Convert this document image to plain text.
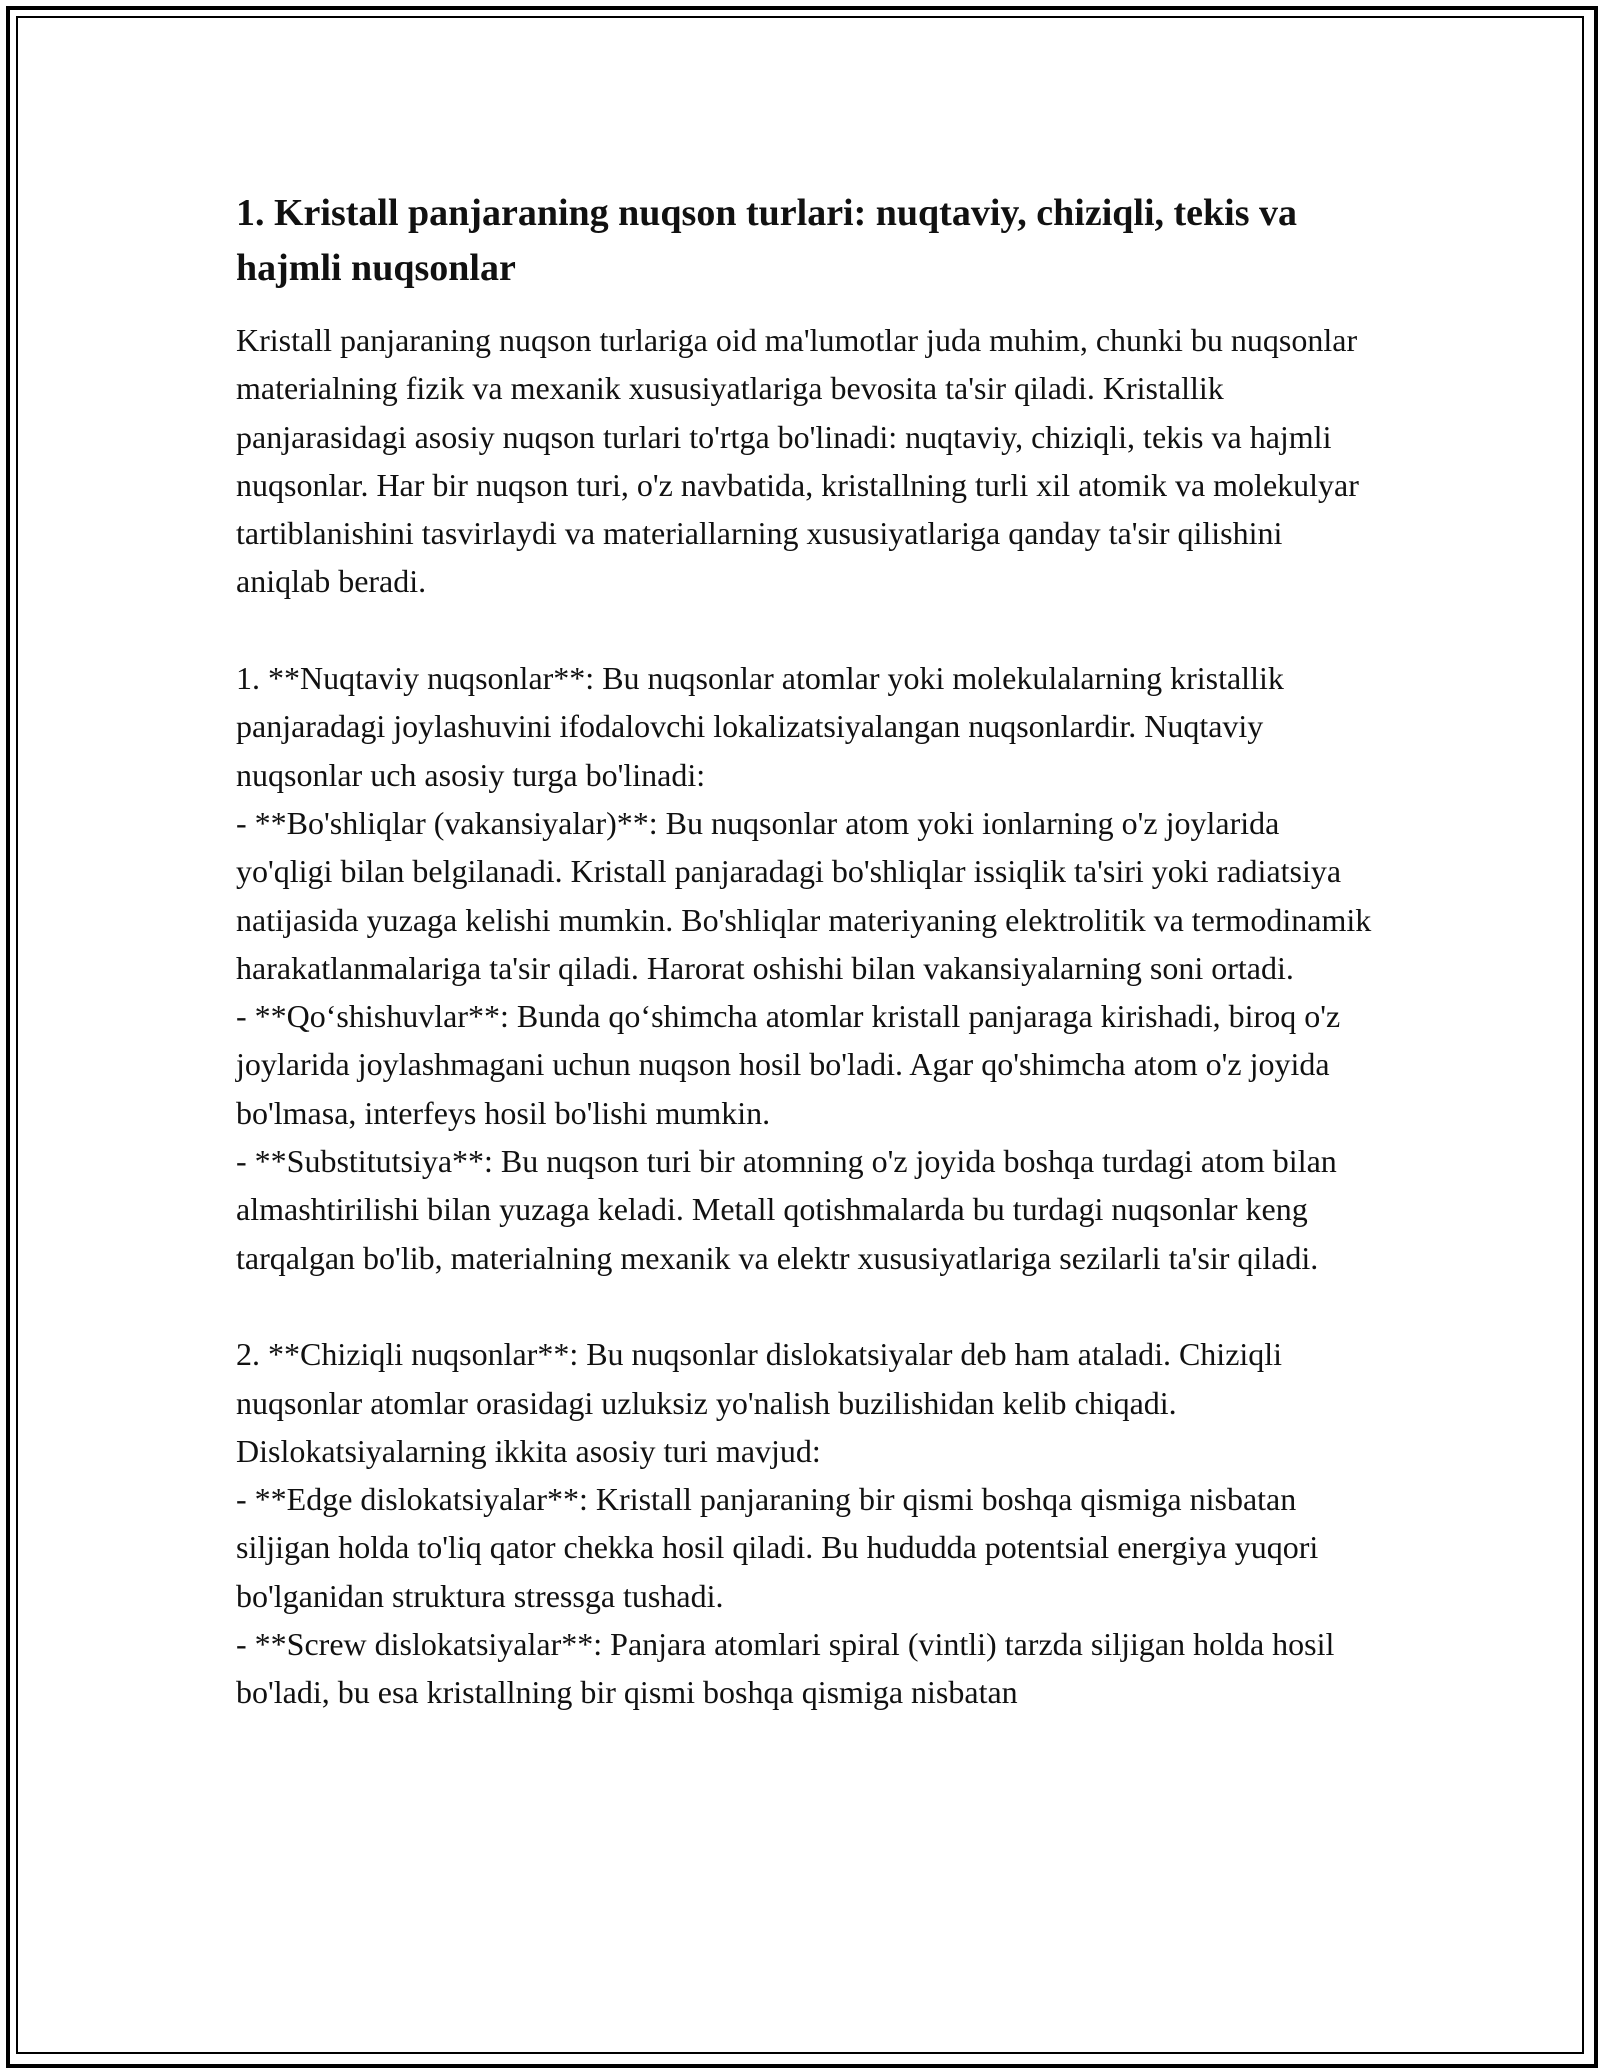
1. Kristall panjaraning nuqson turlari: nuqtaviy, chiziqli, tekis va hajmli nuqsonlar

Kristall panjaraning nuqson turlariga oid ma'lumotlar juda muhim, chunki bu nuqsonlar materialning fizik va mexanik xususiyatlariga bevosita ta'sir qiladi. Kristallik panjarasidagi asosiy nuqson turlari to'rtga bo'linadi: nuqtaviy, chiziqli, tekis va hajmli nuqsonlar. Har bir nuqson turi, o'z navbatida, kristallning turli xil atomik va molekulyar tartiblanishini tasvirlaydi va materiallarning xususiyatlariga qanday ta'sir qilishini aniqlab beradi.

1. **Nuqtaviy nuqsonlar**: Bu nuqsonlar atomlar yoki molekulalarning kristallik panjaradagi joylashuvini ifodalovchi lokalizatsiyalangan nuqsonlardir. Nuqtaviy nuqsonlar uch asosiy turga bo'linadi:
- **Bo'shliqlar (vakansiyalar)**: Bu nuqsonlar atom yoki ionlarning o'z joylarida yo'qligi bilan belgilanadi. Kristall panjaradagi bo'shliqlar issiqlik ta'siri yoki radiatsiya natijasida yuzaga kelishi mumkin. Bo'shliqlar materiyaning elektrolitik va termodinamik harakatlanmalariga ta'sir qiladi. Harorat oshishi bilan vakansiyalarning soni ortadi.
- **Qo‘shishuvlar**: Bunda qo‘shimcha atomlar kristall panjaraga kirishadi, biroq o'z joylarida joylashmagani uchun nuqson hosil bo'ladi. Agar qo'shimcha atom o'z joyida bo'lmasa, interfeys hosil bo'lishi mumkin.
- **Substitutsiya**: Bu nuqson turi bir atomning o'z joyida boshqa turdagi atom bilan almashtirilishi bilan yuzaga keladi. Metall qotishmalarda bu turdagi nuqsonlar keng tarqalgan bo'lib, materialning mexanik va elektr xususiyatlariga sezilarli ta'sir qiladi.

2. **Chiziqli nuqsonlar**: Bu nuqsonlar dislokatsiyalar deb ham ataladi. Chiziqli nuqsonlar atomlar orasidagi uzluksiz yo'nalish buzilishidan kelib chiqadi. Dislokatsiyalarning ikkita asosiy turi mavjud:
- **Edge dislokatsiyalar**: Kristall panjaraning bir qismi boshqa qismiga nisbatan siljigan holda to'liq qator chekka hosil qiladi. Bu hududda potentsial energiya yuqori bo'lganidan struktura stressga tushadi.
- **Screw dislokatsiyalar**: Panjara atomlari spiral (vintli) tarzda siljigan holda hosil bo'ladi, bu esa kristallning bir qismi boshqa qismiga nisbatan
